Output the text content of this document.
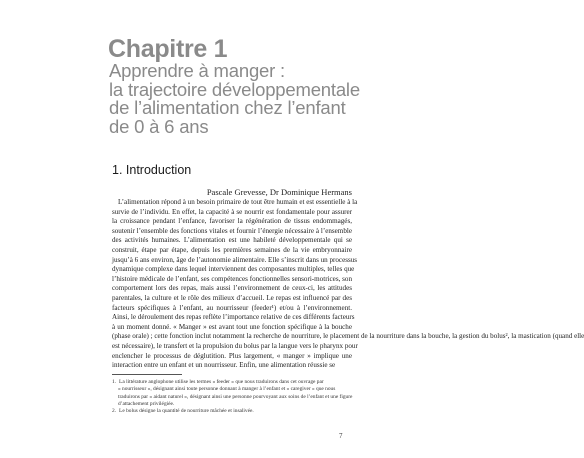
Chapitre 1
Apprendre à manger :
la trajectoire développementale
de l’alimentation chez l’enfant
de 0 à 6 ans
1. Introduction
Pascale Grevesse, Dr Dominique Hermans
L’alimentation répond à un besoin primaire de tout être humain et est essentielle à la
survie de l’individu. En effet, la capacité à se nourrir est fondamentale pour assurer
la croissance pendant l’enfance, favoriser la régénération de tissus endommagés,
soutenir l’ensemble des fonctions vitales et fournir l’énergie nécessaire à l’ensemble
des activités humaines. L’alimentation est une habileté développementale qui se
construit, étape par étape, depuis les premières semaines de la vie embryonnaire
jusqu’à 6 ans environ, âge de l’autonomie alimentaire. Elle s’inscrit dans un processus
dynamique complexe dans lequel interviennent des composantes multiples, telles que
l’histoire médicale de l’enfant, ses compétences fonctionnelles sensori-motrices, son
comportement lors des repas, mais aussi l’environnement de ceux-ci, les attitudes
parentales, la culture et le rôle des milieux d’accueil. Le repas est influencé par des
facteurs spécifiques à l’enfant, au nourrisseur (feeder¹) et/ou à l’environnement.
Ainsi, le déroulement des repas reflète l’importance relative de ces différents facteurs
à un moment donné. « Manger » est avant tout une fonction spécifique à la bouche
(phase orale) ; cette fonction inclut notamment la recherche de nourriture, le placement de la nourriture dans la bouche, la gestion du bolus², la mastication (quand elle
est nécessaire), le transfert et la propulsion du bolus par la langue vers le pharynx pour
enclencher le processus de déglutition. Plus largement, « manger » implique une
interaction entre un enfant et un nourrisseur. Enfin, une alimentation réussie se
1. La littérature anglophone utilise les termes « feeder » que nous traduirons dans cet ouvrage par
« nourrisseur », désignant ainsi toute personne donnant à manger à l’enfant et « caregiver » que nous
traduirons par « aidant naturel », désignant ainsi une personne pourvoyant aux soins de l’enfant et une figure
d’attachement privilégiée.
2. Le bolus désigne la quantité de nourriture mâchée et insalivée.
7
